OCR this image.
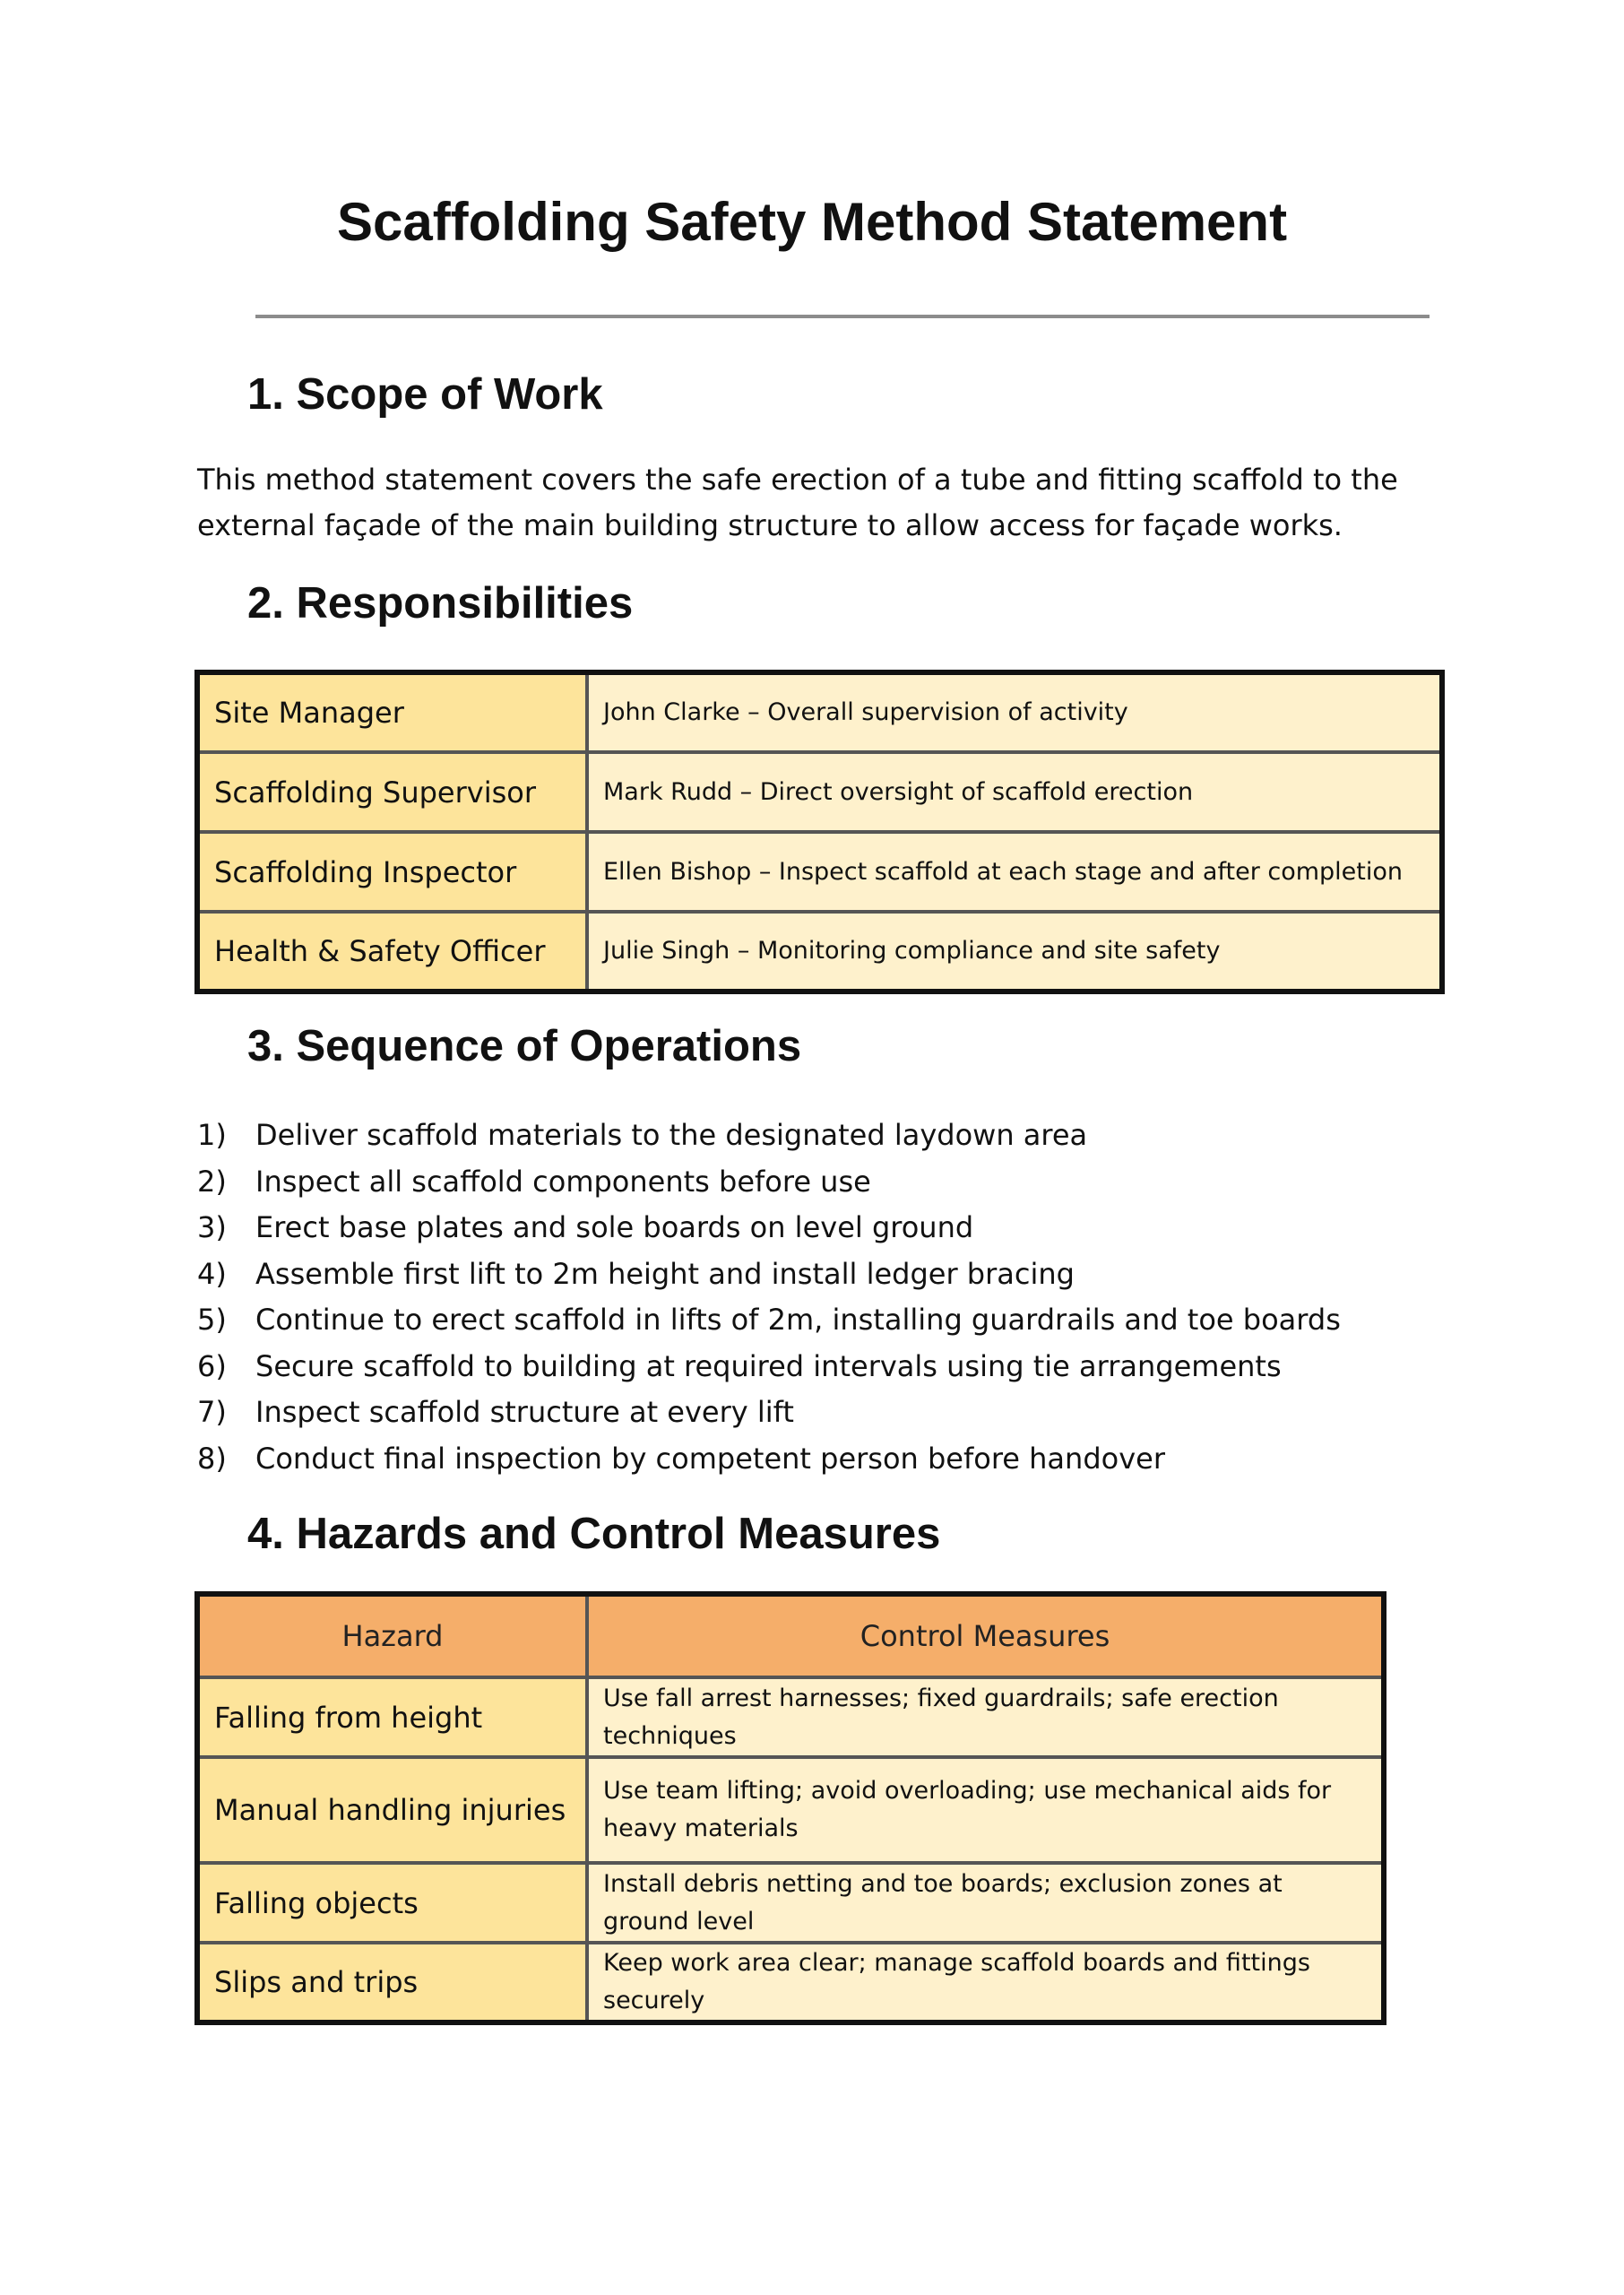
Scaffolding Safety Method Statement
1. Scope of Work

This method statement covers the safe erection of a tube and fitting scaffold to the external façade of the main building structure to allow access for façade works.

2. Responsibilities
Site Manager	John Clarke – Overall supervision of activity
Scaffolding Supervisor	Mark Rudd – Direct oversight of scaffold erection
Scaffolding Inspector	Ellen Bishop – Inspect scaffold at each stage and after completion
Health & Safety Officer	Julie Singh – Monitoring compliance and site safety
3. Sequence of Operations
1) Deliver scaffold materials to the designated laydown area
2) Inspect all scaffold components before use
3) Erect base plates and sole boards on level ground
4) Assemble first lift to 2m height and install ledger bracing
5) Continue to erect scaffold in lifts of 2m, installing guardrails and toe boards
6) Secure scaffold to building at required intervals using tie arrangements
7) Inspect scaffold structure at every lift
8) Conduct final inspection by competent person before handover
4. Hazards and Control Measures
Hazard	Control Measures
Falling from height	Use fall arrest harnesses; fixed guardrails; safe erection techniques
Manual handling injuries	Use team lifting; avoid overloading; use mechanical aids for heavy materials
Falling objects	Install debris netting and toe boards; exclusion zones at ground level
Slips and trips	Keep work area clear; manage scaffold boards and fittings securely
